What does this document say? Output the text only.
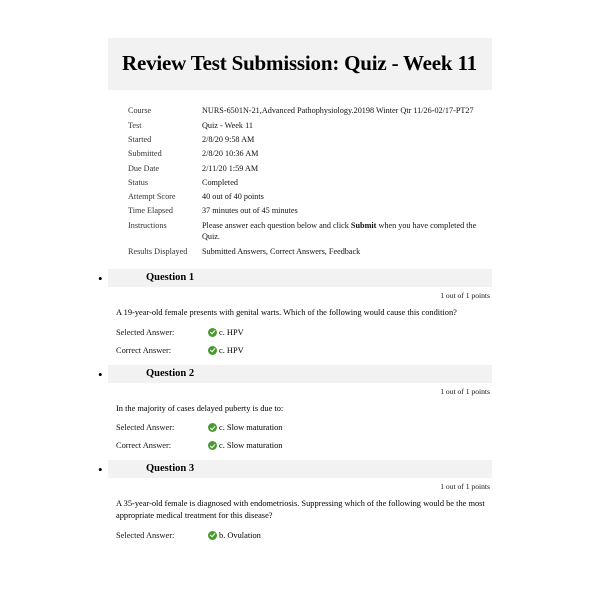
Review Test Submission: Quiz - Week 11
Course	NURS-6501N-21,Advanced Pathophysiology.20198 Winter Qtr 11/26-02/17-PT27
Test	Quiz - Week 11
Started	2/8/20 9:58 AM
Submitted	2/8/20 10:36 AM
Due Date	2/11/20 1:59 AM
Status	Completed
Attempt Score	40 out of 40 points
Time Elapsed	37 minutes out of 45 minutes
Instructions	Please answer each question below and click Submit when you have completed the Quiz.
Results Displayed	Submitted Answers, Correct Answers, Feedback
•	Question 1
1 out of 1 points
A 19-year-old female presents with genital warts. Which of the following would cause this condition?
Selected Answer:	c. HPV
Correct Answer:	c. HPV
•	Question 2
1 out of 1 points
In the majority of cases delayed puberty is due to:
Selected Answer:	c. Slow maturation
Correct Answer:	c. Slow maturation
•	Question 3
1 out of 1 points
A 35-year-old female is diagnosed with endometriosis. Suppressing which of the following would be the most appropriate medical treatment for this disease?
Selected Answer:	b. Ovulation
